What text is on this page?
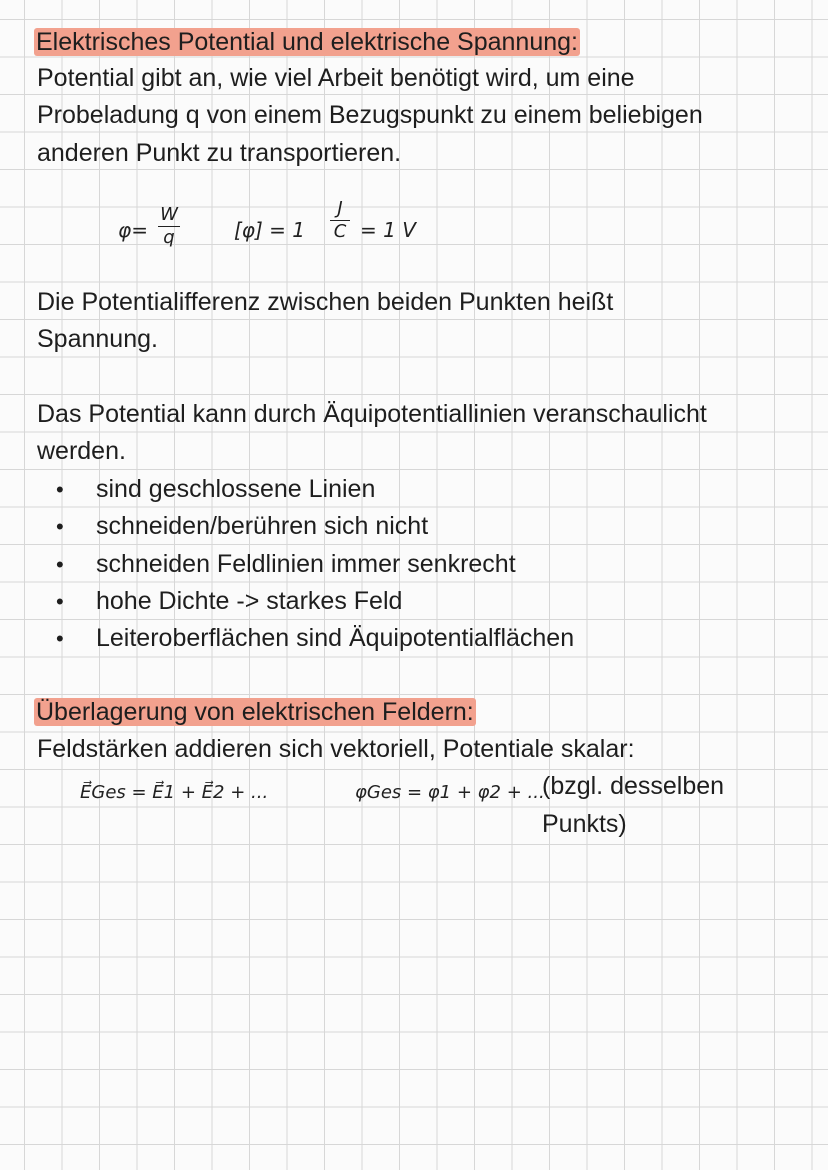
Elektrisches Potential und elektrische Spannung:
Potential gibt an, wie viel Arbeit benötigt wird, um eine
Probeladung q von einem Bezugspunkt zu einem beliebigen
anderen Punkt zu transportieren.
φ=
W
q	[φ] = 1
J
C = 1 V
Die Potentialifferenz zwischen beiden Punkten heißt
Spannung.
Das Potential kann durch Äquipotentiallinien veranschaulicht
werden.
• sind geschlossene Linien
• schneiden/berühren sich nicht
• schneiden Feldlinien immer senkrecht
• hohe Dichte -> starkes Feld
• Leiteroberflächen sind Äquipotentialflächen
Überlagerung von elektrischen Feldern:
Feldstärken addieren sich vektoriell, Potentiale skalar:
E⃗Ges = E⃗1 + E⃗2 + ...	φGes = φ1 + φ2 + ...
(bzgl. desselben
Punkts)
